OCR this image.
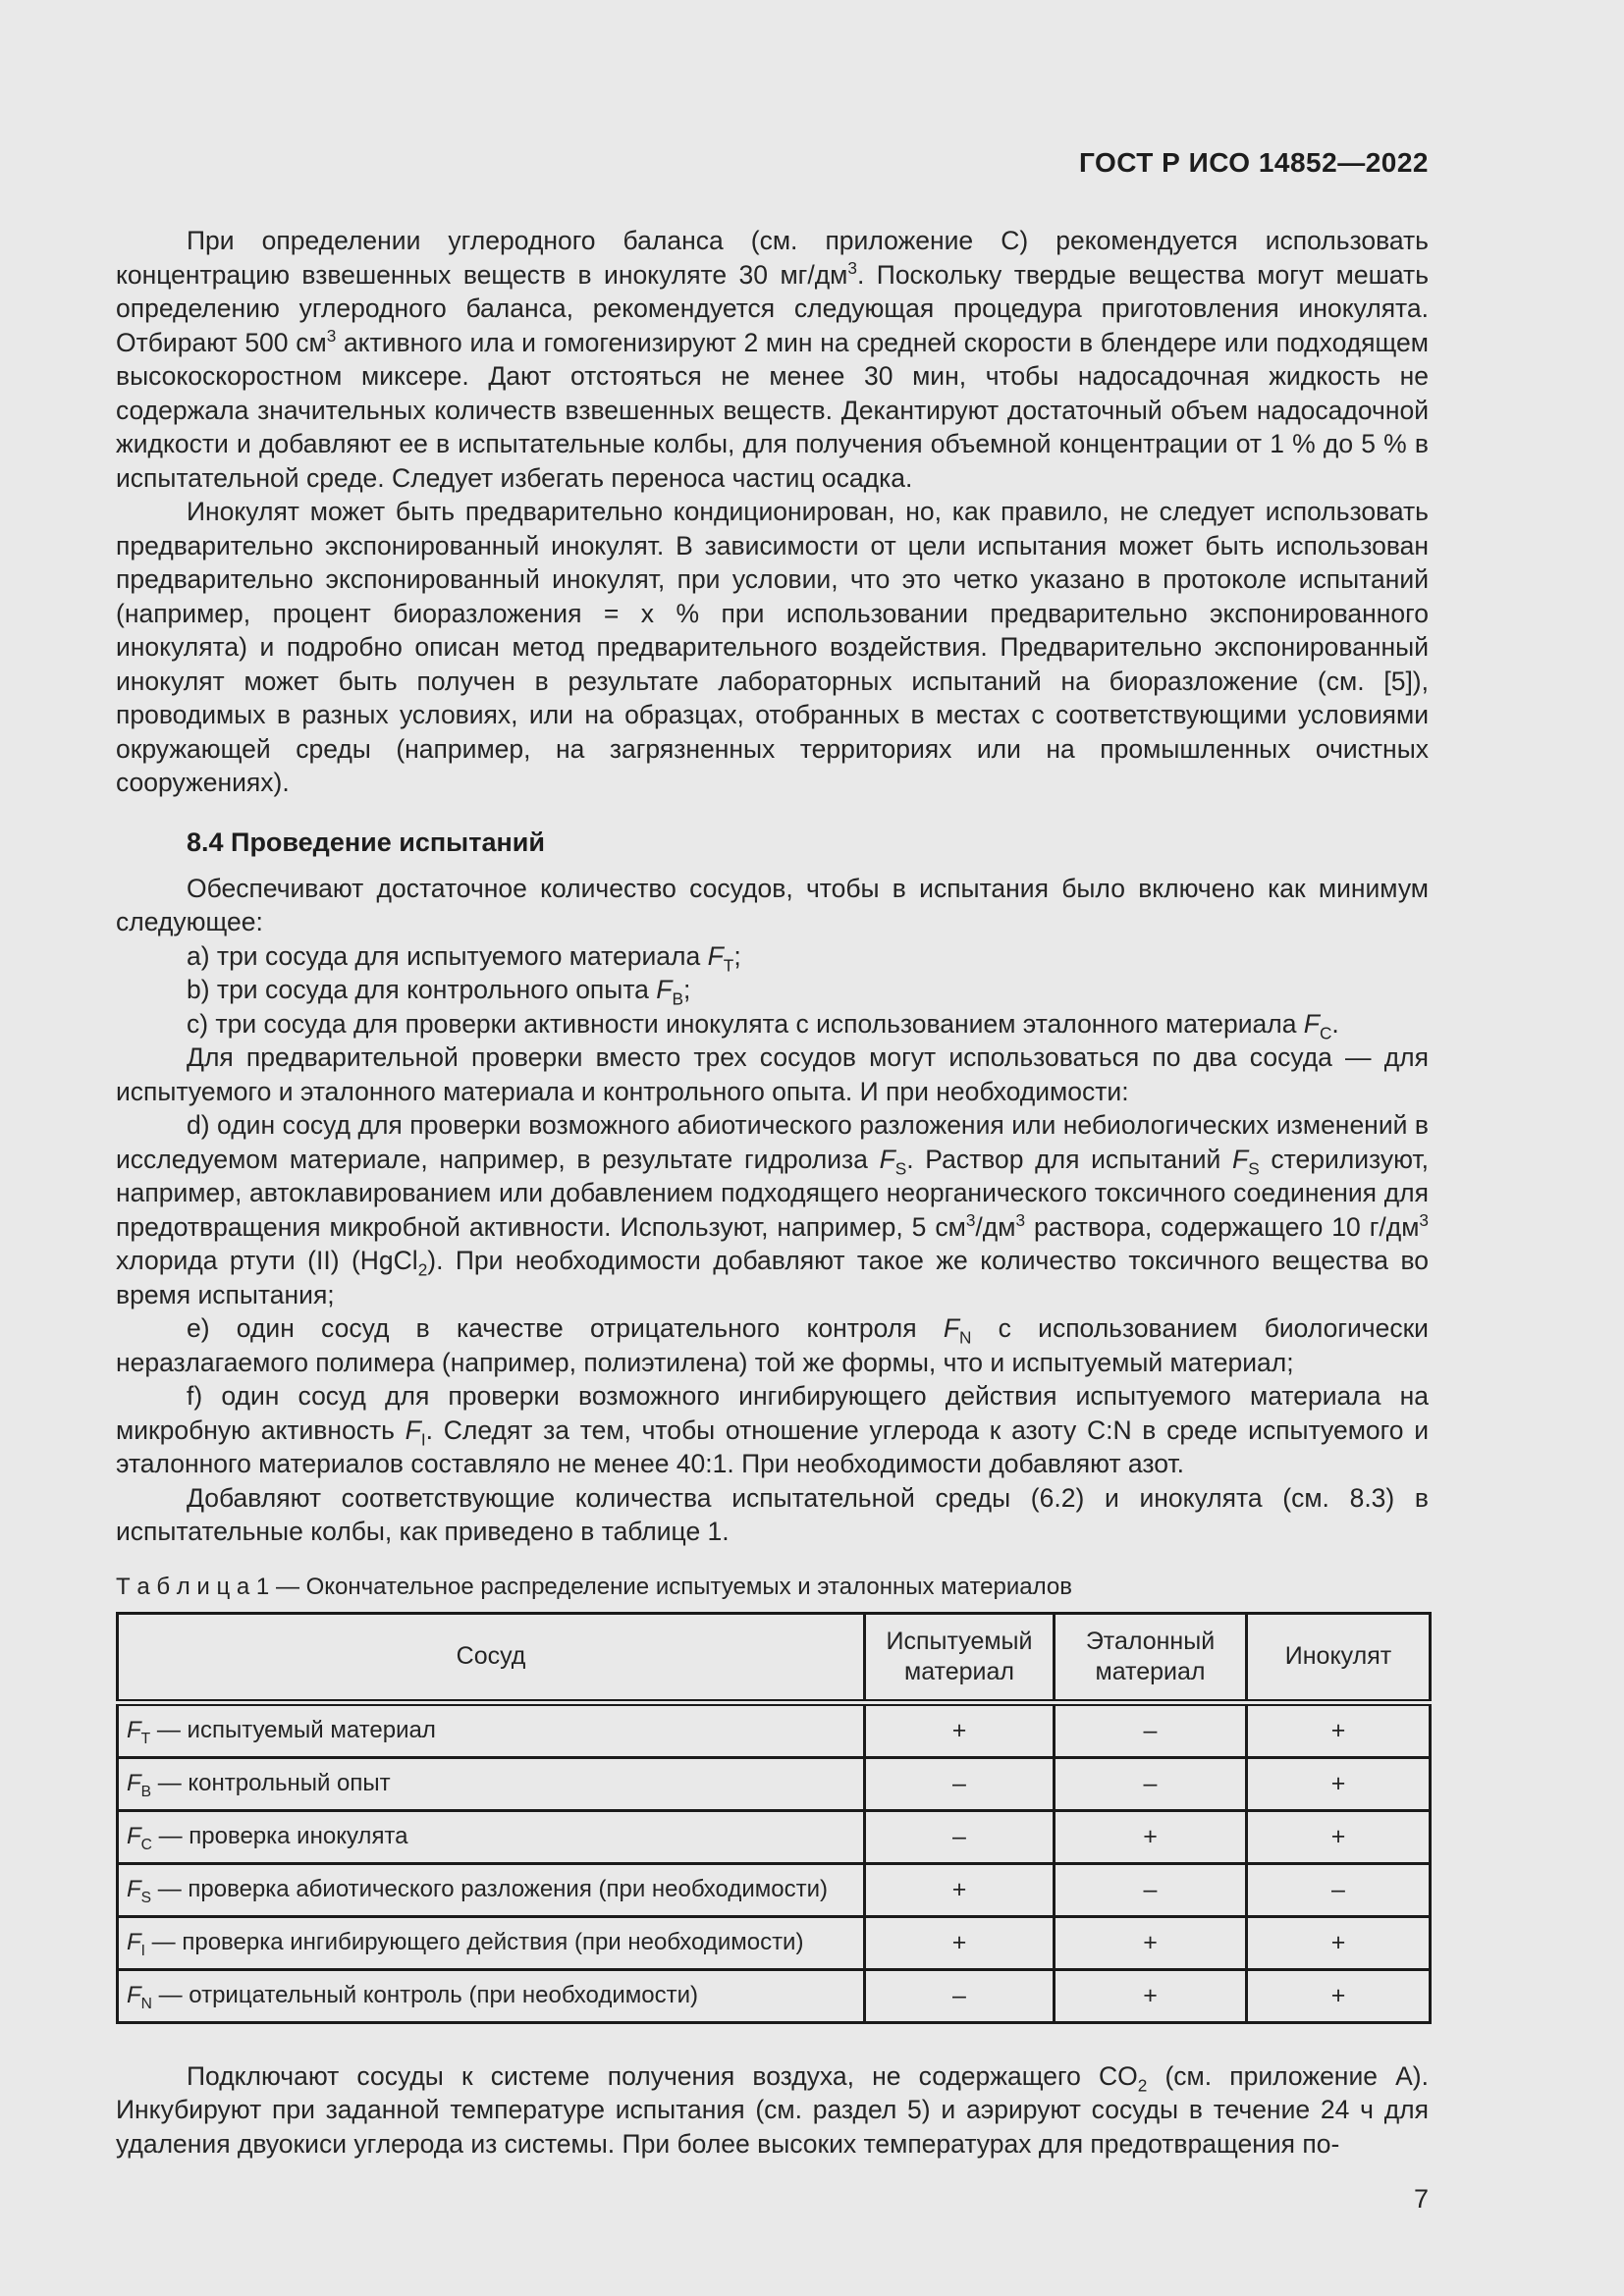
ГОСТ Р ИСО 14852—2022

При определении углеродного баланса (см. приложение С) рекомендуется использовать концентрацию взвешенных веществ в инокуляте 30 $мг/дм^3$. Поскольку твердые вещества могут мешать определению углеродного баланса, рекомендуется следующая процедура приготовления инокулята. Отбирают 500 $см^3$ активного ила и гомогенизируют 2 мин на средней скорости в блендере или подходящем высокоскоростном миксере. Дают отстояться не менее 30 мин, чтобы надосадочная жидкость не содержала значительных количеств взвешенных веществ. Декантируют достаточный объем надосадочной жидкости и добавляют ее в испытательные колбы, для получения объемной концентрации от 1 % до 5 % в испытательной среде. Следует избегать переноса частиц осадка.

Инокулят может быть предварительно кондиционирован, но, как правило, не следует использовать предварительно экспонированный инокулят. В зависимости от цели испытания может быть использован предварительно экспонированный инокулят, при условии, что это четко указано в протоколе испытаний (например, процент биоразложения = x % при использовании предварительно экспонированного инокулята) и подробно описан метод предварительного воздействия. Предварительно экспонированный инокулят может быть получен в результате лабораторных испытаний на биоразложение (см. [5]), проводимых в разных условиях, или на образцах, отобранных в местах с соответствующими условиями окружающей среды (например, на загрязненных территориях или на промышленных очистных сооружениях).

8.4 Проведение испытаний

Обеспечивают достаточное количество сосудов, чтобы в испытания было включено как минимум следующее:

a) три сосуда для испытуемого материала $F_T$;

b) три сосуда для контрольного опыта $F_B$;

c) три сосуда для проверки активности инокулята с использованием эталонного материала $F_C$.

Для предварительной проверки вместо трех сосудов могут использоваться по два сосуда — для испытуемого и эталонного материала и контрольного опыта. И при необходимости:

d) один сосуд для проверки возможного абиотического разложения или небиологических изменений в исследуемом материале, например, в результате гидролиза $F_S$. Раствор для испытаний $F_S$ стерилизуют, например, автоклавированием или добавлением подходящего неорганического токсичного соединения для предотвращения микробной активности. Используют, например, 5 $см^3/дм^3$ раствора, содержащего 10 $г/дм^3$ хлорида ртути (II) (HgCl$_2$). При необходимости добавляют такое же количество токсичного вещества во время испытания;

e) один сосуд в качестве отрицательного контроля $F_N$ с использованием биологически неразлагаемого полимера (например, полиэтилена) той же формы, что и испытуемый материал;

f) один сосуд для проверки возможного ингибирующего действия испытуемого материала на микробную активность $F_I$. Следят за тем, чтобы отношение углерода к азоту C:N в среде испытуемого и эталонного материалов составляло не менее 40:1. При необходимости добавляют азот.

Добавляют соответствующие количества испытательной среды (6.2) и инокулята (см. 8.3) в испытательные колбы, как приведено в таблице 1.

Т а б л и ц а 1 — Окончательное распределение испытуемых и эталонных материалов

Сосуд	Испытуемый материал	Эталонный материал	Инокулят
$F_T$ — испытуемый материал	+	–	+
$F_B$ — контрольный опыт	–	–	+
$F_C$ — проверка инокулята	–	+	+
$F_S$ — проверка абиотического разложения (при необходимости)	+	–	–
$F_I$ — проверка ингибирующего действия (при необходимости)	+	+	+
$F_N$ — отрицательный контроль (при необходимости)	–	+	+

Подключают сосуды к системе получения воздуха, не содержащего $CO_2$ (см. приложение А). Инкубируют при заданной температуре испытания (см. раздел 5) и аэрируют сосуды в течение 24 ч для удаления двуокиси углерода из системы. При более высоких температурах для предотвращения по-

7
